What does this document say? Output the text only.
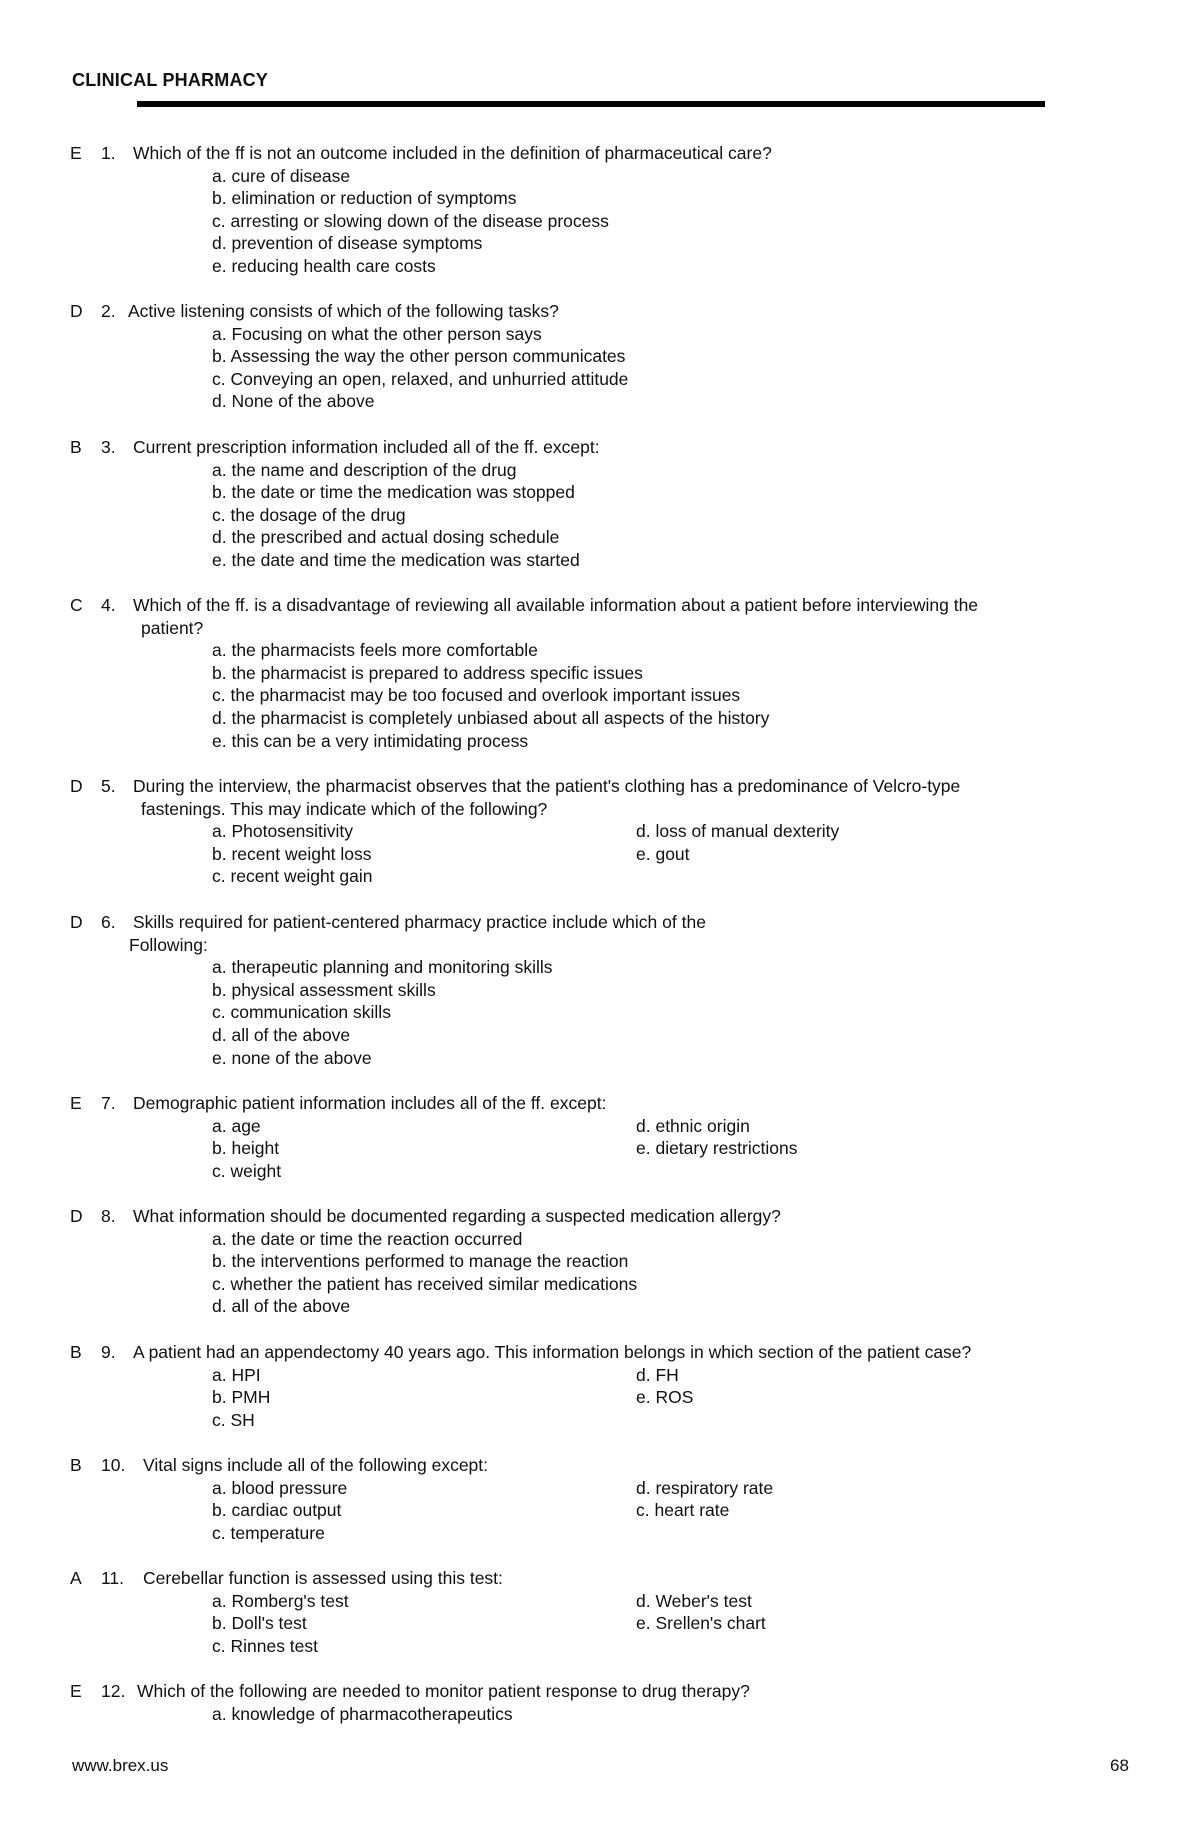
CLINICAL PHARMACY
E 1. Which of the ff is not an outcome included in the definition of pharmaceutical care?
a. cure of disease
b. elimination or reduction of symptoms
c. arresting or slowing down of the disease process
d. prevention of disease symptoms
e. reducing health care costs
D 2. Active listening consists of which of the following tasks?
a. Focusing on what the other person says
b. Assessing the way the other person communicates
c. Conveying an open, relaxed, and unhurried attitude
d. None of the above
B 3. Current prescription information included all of the ff. except:
a. the name and description of the drug
b. the date or time the medication was stopped
c. the dosage of the drug
d. the prescribed and actual dosing schedule
e. the date and time the medication was started
C 4. Which of the ff. is a disadvantage of reviewing all available information about a patient before interviewing the
patient?
a. the pharmacists feels more comfortable
b. the pharmacist is prepared to address specific issues
c. the pharmacist may be too focused and overlook important issues
d. the pharmacist is completely unbiased about all aspects of the history
e. this can be a very intimidating process
D 5. During the interview, the pharmacist observes that the patient's clothing has a predominance of Velcro-type
fastenings. This may indicate which of the following?
a. Photosensitivity
b. recent weight loss
c. recent weight gain
d. loss of manual dexterity
e. gout
D 6. Skills required for patient-centered pharmacy practice include which of the
Following:
a. therapeutic planning and monitoring skills
b. physical assessment skills
c. communication skills
d. all of the above
e. none of the above
E 7. Demographic patient information includes all of the ff. except:
a. age
b. height
c. weight
d. ethnic origin
e. dietary restrictions
D 8. What information should be documented regarding a suspected medication allergy?
a. the date or time the reaction occurred
b. the interventions performed to manage the reaction
c. whether the patient has received similar medications
d. all of the above
B 9. A patient had an appendectomy 40 years ago. This information belongs in which section of the patient case?
a. HPI
b. PMH
c. SH
d. FH
e. ROS
B 10. Vital signs include all of the following except:
a. blood pressure
b. cardiac output
c. temperature
d. respiratory rate
c. heart rate
A 11. Cerebellar function is assessed using this test:
a. Romberg's test
b. Doll's test
c. Rinnes test
d. Weber's test
e. Srellen's chart
E 12. Which of the following are needed to monitor patient response to drug therapy?
a. knowledge of pharmacotherapeutics
www.brex.us	68
